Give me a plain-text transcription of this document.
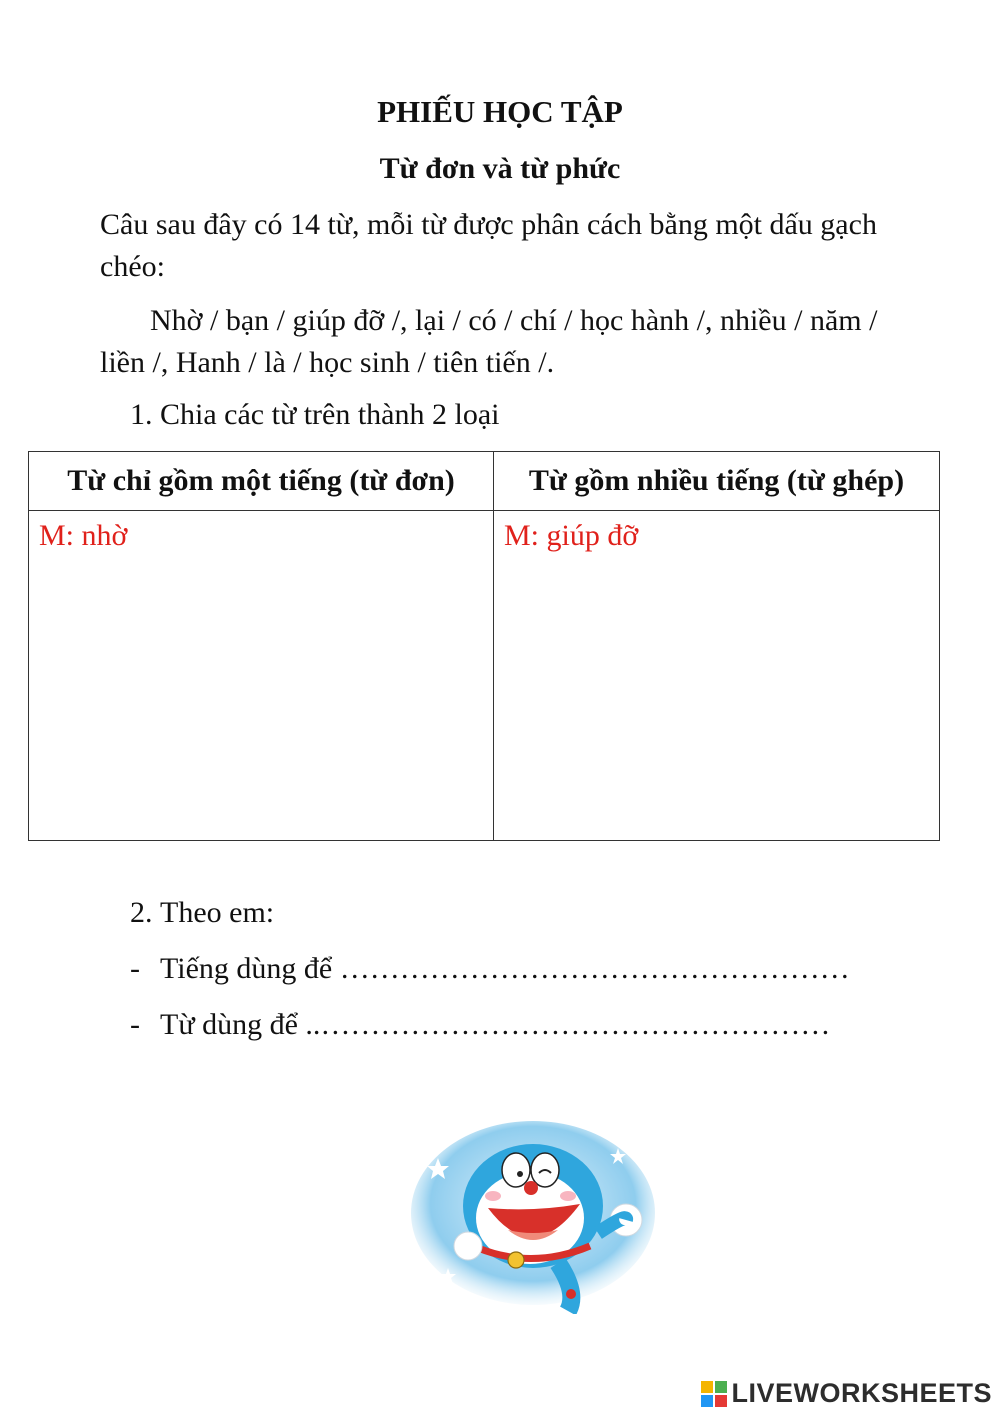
PHIẾU HỌC TẬP
Từ đơn và từ phức
Câu sau đây có 14 từ, mỗi từ được phân cách bằng một dấu gạch chéo:
Nhờ / bạn / giúp đỡ /, lại / có / chí / học hành /, nhiều / năm / liền /, Hanh / là / học sinh / tiên tiến /.
1. Chia các từ trên thành 2 loại
Từ chỉ gồm một tiếng (từ đơn)	Từ gồm nhiều tiếng (từ ghép)
M: nhờ	M: giúp đỡ
2. Theo em:
- Tiếng dùng để ……………………………………………
- Từ dùng để ..……………………………………………
LIVEWORKSHEETS
